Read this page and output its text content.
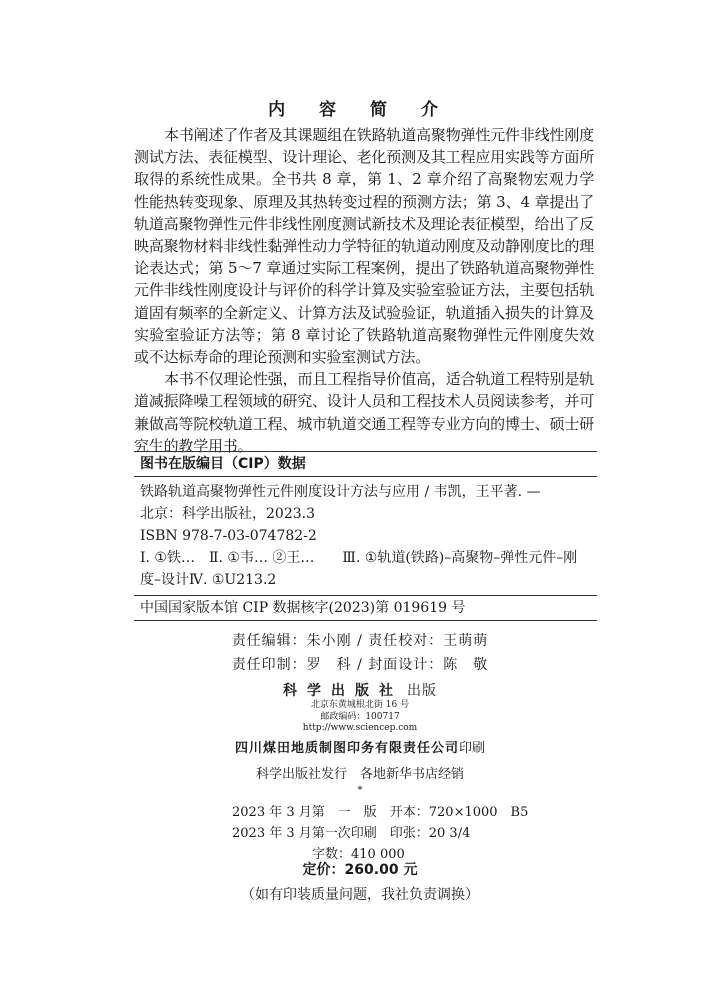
内 容 简 介

本书阐述了作者及其课题组在铁路轨道高聚物弹性元件非线性刚度测试方法、表征模型、设计理论、老化预测及其工程应用实践等方面所取得的系统性成果。全书共 8 章，第 1、2 章介绍了高聚物宏观力学性能热转变现象、原理及其热转变过程的预测方法；第 3、4 章提出了轨道高聚物弹性元件非线性刚度测试新技术及理论表征模型，给出了反映高聚物材料非线性黏弹性动力学特征的轨道动刚度及动静刚度比的理论表达式；第 5～7 章通过实际工程案例，提出了铁路轨道高聚物弹性元件非线性刚度设计与评价的科学计算及实验室验证方法，主要包括轨道固有频率的全新定义、计算方法及试验验证，轨道插入损失的计算及实验室验证方法等；第 8 章讨论了铁路轨道高聚物弹性元件刚度失效或不达标寿命的理论预测和实验室测试方法。

本书不仅理论性强，而且工程指导价值高，适合轨道工程特别是轨道减振降噪工程领域的研究、设计人员和工程技术人员阅读参考，并可兼做高等院校轨道工程、城市轨道交通工程等专业方向的博士、硕士研究生的教学用书。

图书在版编目（CIP）数据
铁路轨道高聚物弹性元件刚度设计方法与应用 / 韦凯，王平著. —
北京：科学出版社，2023.3
ISBN 978-7-03-074782-2
Ⅰ. ①铁…　Ⅱ. ①韦… ②王…　　Ⅲ. ①轨道(铁路)–高聚物–弹性元件–刚度–设计Ⅳ. ①U213.2
中国国家版本馆 CIP 数据核字(2023)第 019619 号
责任编辑：朱小刚 / 责任校对：王萌萌
责任印制：罗　科 / 封面设计：陈　敬
科学出版社 出版
北京东黄城根北街 16 号
邮政编码：100717
http://www.sciencep.com
四川煤田地质制图印务有限责任公司印刷
科学出版社发行　各地新华书店经销
*
2023 年 3 月第　一　版　开本：720×1000　B5
2023 年 3 月第一次印刷　印张：20 3/4
字数：410 000
定价：260.00 元
（如有印装质量问题，我社负责调换）
